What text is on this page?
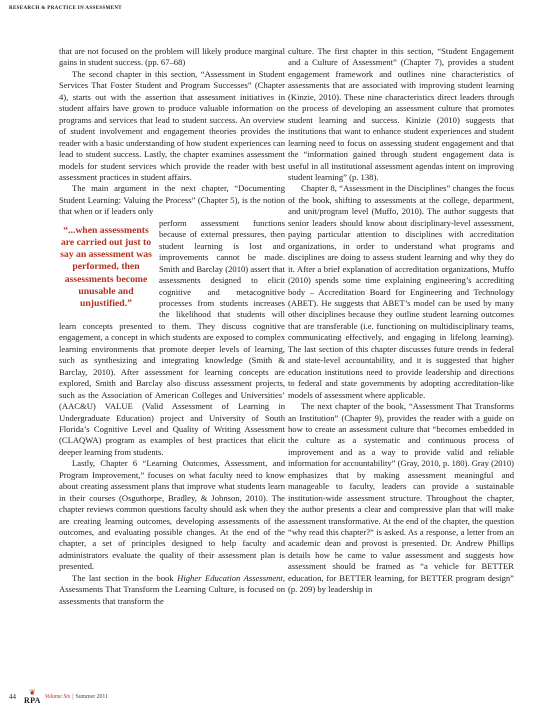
RESEARCH & PRACTICE IN ASSESSMENT

that are not focused on the problem will likely produce marginal gains in student success. (pp. 67–68)

The second chapter in this section, “Assessment in Student Services That Foster Student and Program Successes” (Chapter 4), starts out with the assertion that assessment initiatives in student affairs have grown to produce valuable information on programs and services that lead to student success. An overview of student involvement and engagement theories provides the reader with a basic understanding of how student experiences can lead to student success. Lastly, the chapter examines assessment models for student services which provide the reader with best assessment practices in student affairs.

The main argument in the next chapter, “Documenting Student Learning: Valuing the Process” (Chapter 5), is the notion that when or if leaders only

“...when assessments are carried out just to say an assessment was performed, then assessments become unusable and unjustified.”

perform assessment functions because of external pressures, then student learning is lost and improvements cannot be made. Smith and Barclay (2010) assert that assessments designed to elicit cognitive and metacognitive processes from students increases the likelihood that students will learn concepts presented to them. They discuss cognitive engagement, a concept in which students are exposed to complex learning environments that promote deeper levels of learning, such as synthesizing and integrating knowledge (Smith & Barclay, 2010). After assessment for learning concepts are explored, Smith and Barclay also discuss assessment projects, such as the Association of American Colleges and Universities’ (AAC&U) VALUE (Valid Assessment of Learning in Undergraduate Education) project and University of South Florida’s Cognitive Level and Quality of Writing Assessment (CLAQWA) program as examples of best practices that elicit deeper learning from students.

Lastly, Chapter 6 “Learning Outcomes, Assessment, and Program Improvement,” focuses on what faculty need to know about creating assessment plans that improve what students learn in their courses (Osguthorpe, Bradley, & Johnson, 2010). The chapter reviews common questions faculty should ask when they are creating learning outcomes, developing assessments of the outcomes, and evaluating possible changes. At the end of the chapter, a set of principles designed to help faculty and administrators evaluate the quality of their assessment plan is presented.

The last section in the book Higher Education Assessment, Assessments That Transform the Learning Culture, is focused on assessments that transform the

culture. The first chapter in this section, “Student Engagement and a Culture of Assessment” (Chapter 7), provides a student engagement framework and outlines nine characteristics of assessments that are associated with improving student learning (Kinzie, 2010). These nine characteristics direct leaders through the process of developing an assessment culture that promotes student learning and success. Kinizie (2010) suggests that institutions that want to enhance student experiences and student learning need to focus on assessing student engagement and that the “information gained through student engagement data is useful in all institutional assessment agendas intent on improving student learning” (p. 138).

Chapter 8, “Assessment in the Disciplines” changes the focus of the book, shifting to assessments at the college, department, and unit/program level (Muffo, 2010). The author suggests that senior leaders should know about disciplinary-level assessment, paying particular attention to disciplines with accreditation organizations, in order to understand what programs and disciplines are doing to assess student learning and why they do it. After a brief explanation of accreditation organizations, Muffo (2010) spends some time explaining engineering’s accrediting body – Accreditation Board for Engineering and Technology (ABET). He suggests that ABET’s model can be used by many other disciplines because they outline student learning outcomes that are transferable (i.e. functioning on multidisciplinary teams, communicating effectively, and engaging in lifelong learning). The last section of this chapter discusses future trends in federal and state-level accountability, and it is suggested that higher education institutions need to provide leadership and directions to federal and state governments by adopting accreditation-like models of assessment where applicable.

The next chapter of the book, “Assessment That Transforms an Institution” (Chapter 9), provides the reader with a guide on how to create an assessment culture that “becomes embedded in the culture as a systematic and continuous process of improvement and as a way to provide valid and reliable information for accountability” (Gray, 2010, p. 180). Gray (2010) emphasizes that by making assessment meaningful and manageable to faculty, leaders can provide a sustainable institution-wide assessment structure. Throughout the chapter, the author presents a clear and compressive plan that will make assessment transformative. At the end of the chapter, the question “why read this chapter?” is asked. As a response, a letter from an academic dean and provost is presented. Dr. Andrew Phillips details how he came to value assessment and suggests how assessment should be framed as “a vehicle for BETTER education, for BETTER learning, for BETTER program design” (p. 209) by leadership in

44 ❦
RPA Volume Six | Summer 2011
